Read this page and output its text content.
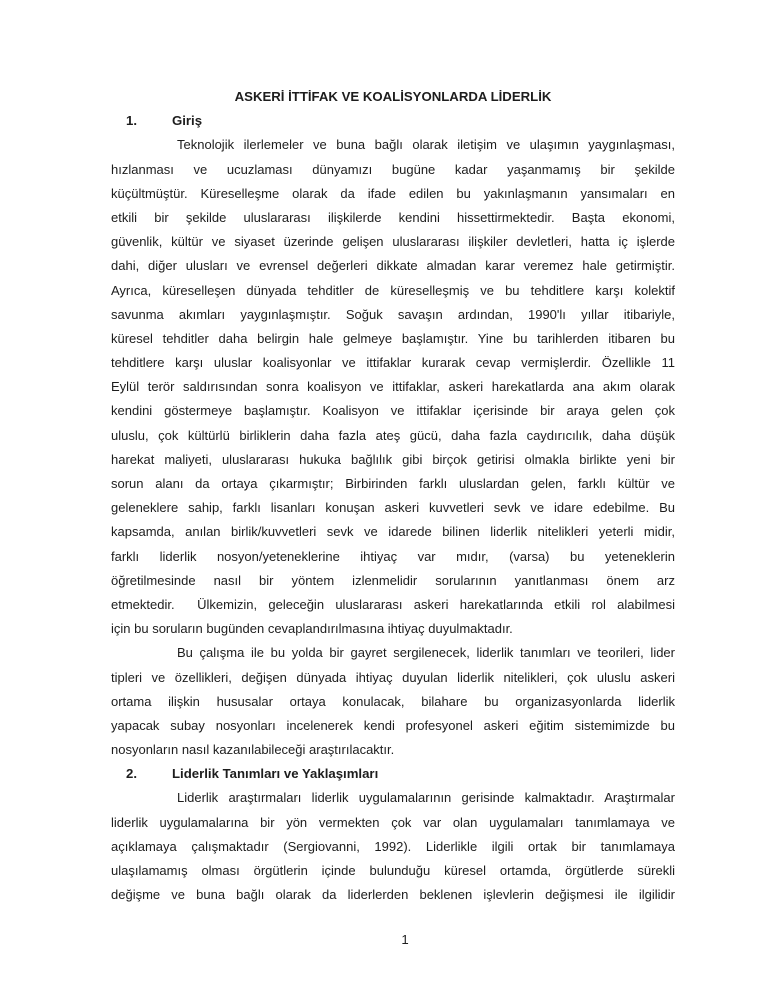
ASKERİ İTTİFAK VE KOALİSYONLARDA LİDERLİK
1.	Giriş
Teknolojik ilerlemeler ve buna bağlı olarak iletişim ve ulaşımın yaygınlaşması,
hızlanması ve ucuzlaması dünyamızı bugüne kadar yaşanmamış bir şekilde
küçültmüştür. Küreselleşme olarak da ifade edilen bu yakınlaşmanın yansımaları en
etkili bir şekilde uluslararası ilişkilerde kendini hissettirmektedir. Başta ekonomi,
güvenlik, kültür ve siyaset üzerinde gelişen uluslararası ilişkiler devletleri, hatta iç işlerde
dahi, diğer ulusları ve evrensel değerleri dikkate almadan karar veremez hale getirmiştir.
Ayrıca, küreselleşen dünyada tehditler de küreselleşmiş ve bu tehditlere karşı kolektif
savunma akımları yaygınlaşmıştır. Soğuk savaşın ardından, 1990'lı yıllar itibariyle,
küresel tehditler daha belirgin hale gelmeye başlamıştır. Yine bu tarihlerden itibaren bu
tehditlere karşı uluslar koalisyonlar ve ittifaklar kurarak cevap vermişlerdir. Özellikle 11
Eylül terör saldırısından sonra koalisyon ve ittifaklar, askeri harekatlarda ana akım olarak
kendini göstermeye başlamıştır. Koalisyon ve ittifaklar içerisinde bir araya gelen çok
uluslu, çok kültürlü birliklerin daha fazla ateş gücü, daha fazla caydırıcılık, daha düşük
harekat maliyeti, uluslararası hukuka bağlılık gibi birçok getirisi olmakla birlikte yeni bir
sorun alanı da ortaya çıkarmıştır; Birbirinden farklı uluslardan gelen, farklı kültür ve
geleneklere sahip, farklı lisanları konuşan askeri kuvvetleri sevk ve idare edebilme. Bu
kapsamda, anılan birlik/kuvvetleri sevk ve idarede bilinen liderlik nitelikleri yeterli midir,
farklı liderlik nosyon/yeteneklerine ihtiyaç var mıdır, (varsa) bu yeteneklerin
öğretilmesinde nasıl bir yöntem izlenmelidir sorularının yanıtlanması önem arz
etmektedir.  Ülkemizin, geleceğin uluslararası askeri harekatlarında etkili rol alabilmesi
için bu soruların bugünden cevaplandırılmasına ihtiyaç duyulmaktadır.
Bu çalışma ile bu yolda bir gayret sergilenecek, liderlik tanımları ve teorileri, lider
tipleri ve özellikleri, değişen dünyada ihtiyaç duyulan liderlik nitelikleri, çok uluslu askeri
ortama ilişkin hususalar ortaya konulacak, bilahare bu organizasyonlarda liderlik
yapacak subay nosyonları incelenerek kendi profesyonel askeri eğitim sistemimizde bu
nosyonların nasıl kazanılabileceği araştırılacaktır.
2.	Liderlik Tanımları ve Yaklaşımları
Liderlik araştırmaları liderlik uygulamalarının gerisinde kalmaktadır. Araştırmalar
liderlik uygulamalarına bir yön vermekten çok var olan uygulamaları tanımlamaya ve
açıklamaya çalışmaktadır (Sergiovanni, 1992). Liderlikle ilgili ortak bir tanımlamaya
ulaşılamamış olması örgütlerin içinde bulunduğu küresel ortamda, örgütlerde sürekli
değişme ve buna bağlı olarak da liderlerden beklenen işlevlerin değişmesi ile ilgilidir
1
